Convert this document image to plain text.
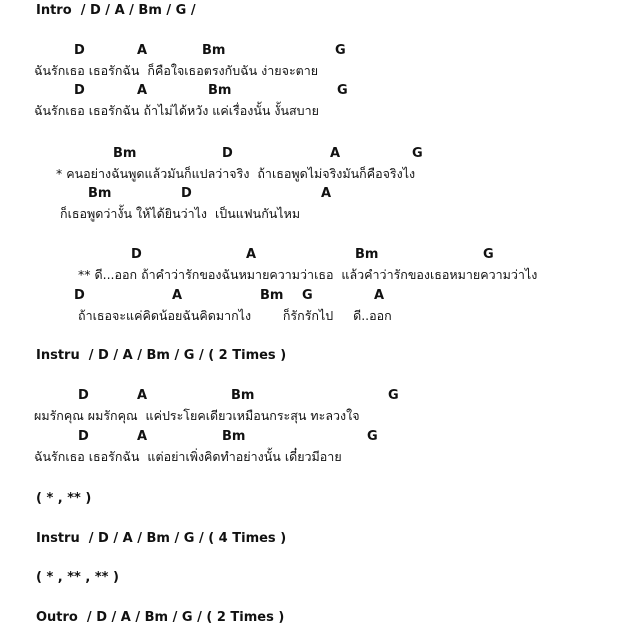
Intro  / D / A / Bm / G /
D	A	Bm	G
ฉันรักเธอ เธอรักฉัน  ก็คือใจเธอตรงกับฉัน ง่ายจะตาย
D	A	Bm	G
ฉันรักเธอ เธอรักฉัน ถ้าไม่ได้หวัง แค่เรื่องนั้น งั้นสบาย
Bm	D	A	G
* คนอย่างฉันพูดแล้วมันก็แปลว่าจริง  ถ้าเธอพูดไม่จริงมันก็คือจริงไง
Bm	D	A
ก็เธอพูดว่างั้น ให้ได้ยินว่าไง  เป็นแฟนกันไหม
D	A	Bm	G
** ดี...ออก ถ้าคำว่ารักของฉันหมายความว่าเธอ  แล้วคำว่ารักของเธอหมายความว่าไง
D	A	Bm G	A
ถ้าเธอจะแค่คิดน้อยฉันคิดมากไง        ก็รักรักไป     ดี..ออก
Instru  / D / A / Bm / G / ( 2 Times )
D	A	Bm	G
ผมรักคุณ ผมรักคุณ  แค่ประโยคเดียวเหมือนกระสุน ทะลวงใจ
D	A	Bm	G
ฉันรักเธอ เธอรักฉัน  แต่อย่าเพิ่งคิดทำอย่างนั้น เดี๋ยวมีอาย
( * , ** )
Instru  / D / A / Bm / G / ( 4 Times )
( * , ** , ** )
Outro  / D / A / Bm / G / ( 2 Times )
